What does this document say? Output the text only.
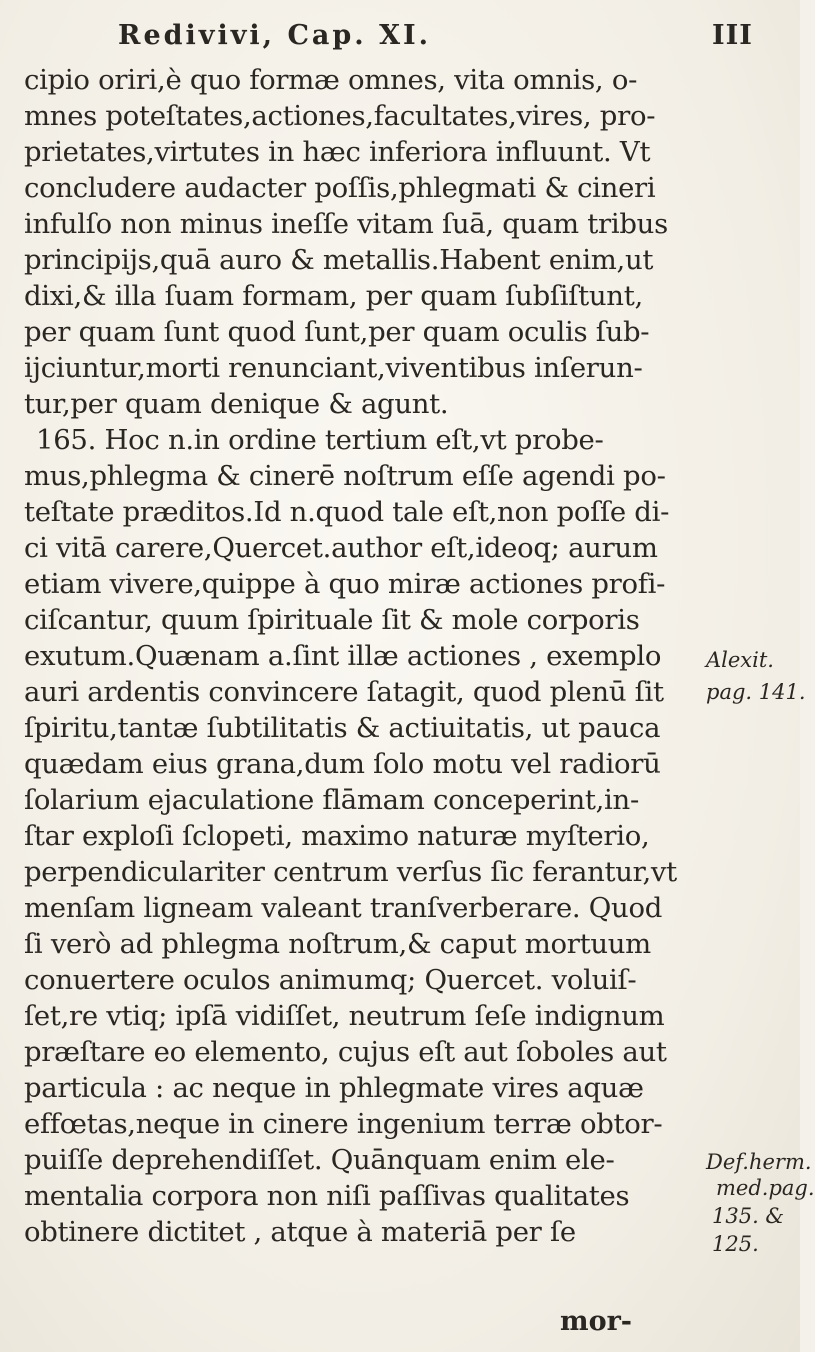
Redivivi, Cap. XI.	III
cipio oriri,è quo formæ omnes, vita omnis, o-
mnes poteſtates,actiones,facultates,vires, pro-
prietates,virtutes in hæc inferiora influunt. Vt
concludere audacter poſſis,phlegmati & cineri
infulſo non minus ineſſe vitam ſuā, quam tribus
principijs,quā auro & metallis.Habent enim,ut
dixi,& illa ſuam formam, per quam ſubſiſtunt,
per quam ſunt quod ſunt,per quam oculis ſub-
ijciuntur,morti renunciant,viventibus inſerun-
tur,per quam denique & agunt.
165. Hoc n.in ordine tertium eſt,vt probe-
mus,phlegma & cinerē noſtrum eſſe agendi po-
teſtate præditos.Id n.quod tale eſt,non poſſe di-
ci vitā carere,Quercet.author eſt,ideoq; aurum
etiam vivere,quippe à quo miræ actiones profi-
ciſcantur, quum ſpirituale ſit & mole corporis
exutum.Quænam a.ſint illæ actiones , exemplo
auri ardentis convincere ſatagit, quod plenū ſit
ſpiritu,tantæ ſubtilitatis & actiuitatis, ut pauca
quædam eius grana,dum ſolo motu vel radiorū
ſolarium ejaculatione flāmam conceperint,in-
ſtar exploſi ſclopeti, maximo naturæ myſterio,
perpendiculariter centrum verſus ſic ferantur,vt
menſam ligneam valeant tranſverberare. Quod
ſi verò ad phlegma noſtrum,& caput mortuum
conuertere oculos animumq; Quercet. voluiſ-
ſet,re vtiq; ipſā vidiſſet, neutrum ſeſe indignum
præſtare eo elemento, cujus eſt aut ſoboles aut
particula : ac neque in phlegmate vires aquæ
effœtas,neque in cinere ingenium terræ obtor-
puiſſe deprehendiſſet. Quānquam enim ele-
mentalia corpora non niſi paſſivas qualitates
obtinere dictitet , atque à materiā per ſe
Alexit.
pag. 141.
Def.herm.
med.pag.
135. &
125.
mor-
